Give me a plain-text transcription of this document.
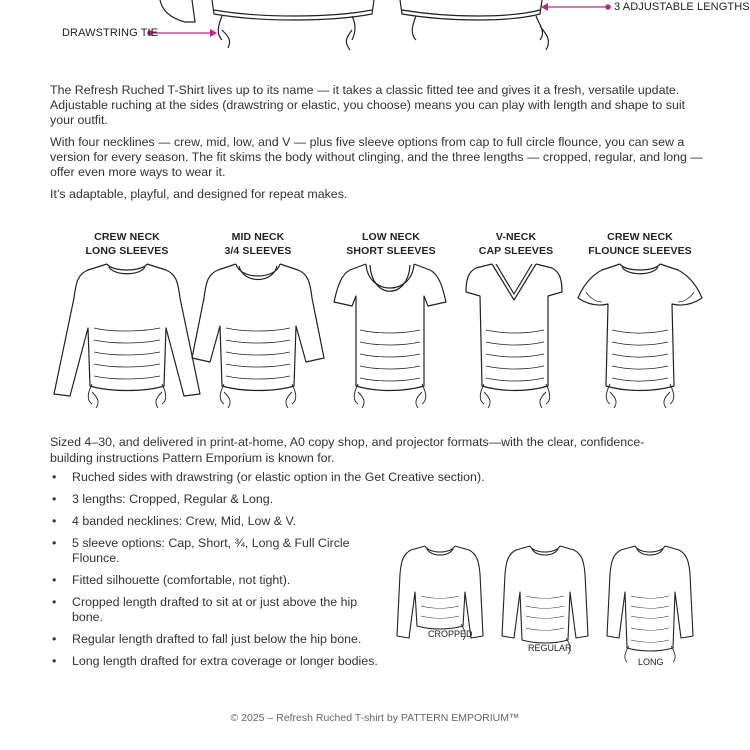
DRAWSTRING TIE
3 ADJUSTABLE LENGTHS

The Refresh Ruched T-Shirt lives up to its name — it takes a classic fitted tee and gives it a fresh, versatile update. Adjustable ruching at the sides (drawstring or elastic, you choose) means you can play with length and shape to suit your outfit.

With four necklines — crew, mid, low, and V — plus five sleeve options from cap to full circle flounce, you can sew a version for every season. The fit skims the body without clinging, and the three lengths — cropped, regular, and long — offer even more ways to wear it.

It’s adaptable, playful, and designed for repeat makes.

CREW NECK
LONG SLEEVES
MID NECK
3/4 SLEEVES
LOW NECK
SHORT SLEEVES
V-NECK
CAP SLEEVES
CREW NECK
FLOUNCE SLEEVES

Sized 4–30, and delivered in print-at-home, A0 copy shop, and projector formats—with the clear, confidence-building instructions Pattern Emporium is known for.

• Ruched sides with drawstring (or elastic option in the Get Creative section).
• 3 lengths: Cropped, Regular & Long.
• 4 banded necklines: Crew, Mid, Low & V.
• 5 sleeve options: Cap, Short, ¾, Long & Full Circle Flounce.
• Fitted silhouette (comfortable, not tight).
• Cropped length drafted to sit at or just above the hip bone.
• Regular length drafted to fall just below the hip bone.
• Long length drafted for extra coverage or longer bodies.
CROPPED
REGULAR
LONG
© 2025 – Refresh Ruched T-shirt by PATTERN EMPORIUM™
